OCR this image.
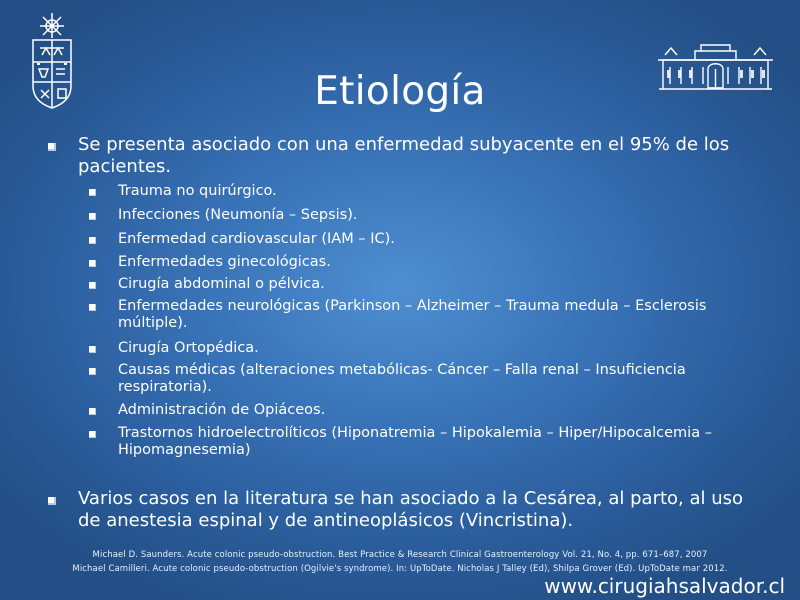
Etiología
Se presenta asociado con una enfermedad subyacente en el 95% de los pacientes.
Trauma no quirúrgico.
Infecciones (Neumonía – Sepsis).
Enfermedad cardiovascular (IAM – IC).
Enfermedades ginecológicas.
Cirugía abdominal o pélvica.
Enfermedades neurológicas (Parkinson – Alzheimer – Trauma medula – Esclerosis múltiple).
Cirugía Ortopédica.
Causas médicas (alteraciones metabólicas- Cáncer – Falla renal – Insuficiencia respiratoria).
Administración de Opiáceos.
Trastornos hidroelectrolíticos (Hiponatremia – Hipokalemia – Hiper/Hipocalcemia – Hipomagnesemia)
Varios casos en la literatura se han asociado a la Cesárea, al parto, al uso de anestesia espinal y de antineoplásicos (Vincristina).
Michael D. Saunders. Acute colonic pseudo-obstruction. Best Practice & Research Clinical Gastroenterology Vol. 21, No. 4, pp. 671–687, 2007
Michael Camilleri. Acute colonic pseudo-obstruction (Ogilvie's syndrome). In: UpToDate. Nicholas J Talley (Ed), Shilpa Grover (Ed). UpToDate mar 2012.
www.cirugiahsalvador.cl
